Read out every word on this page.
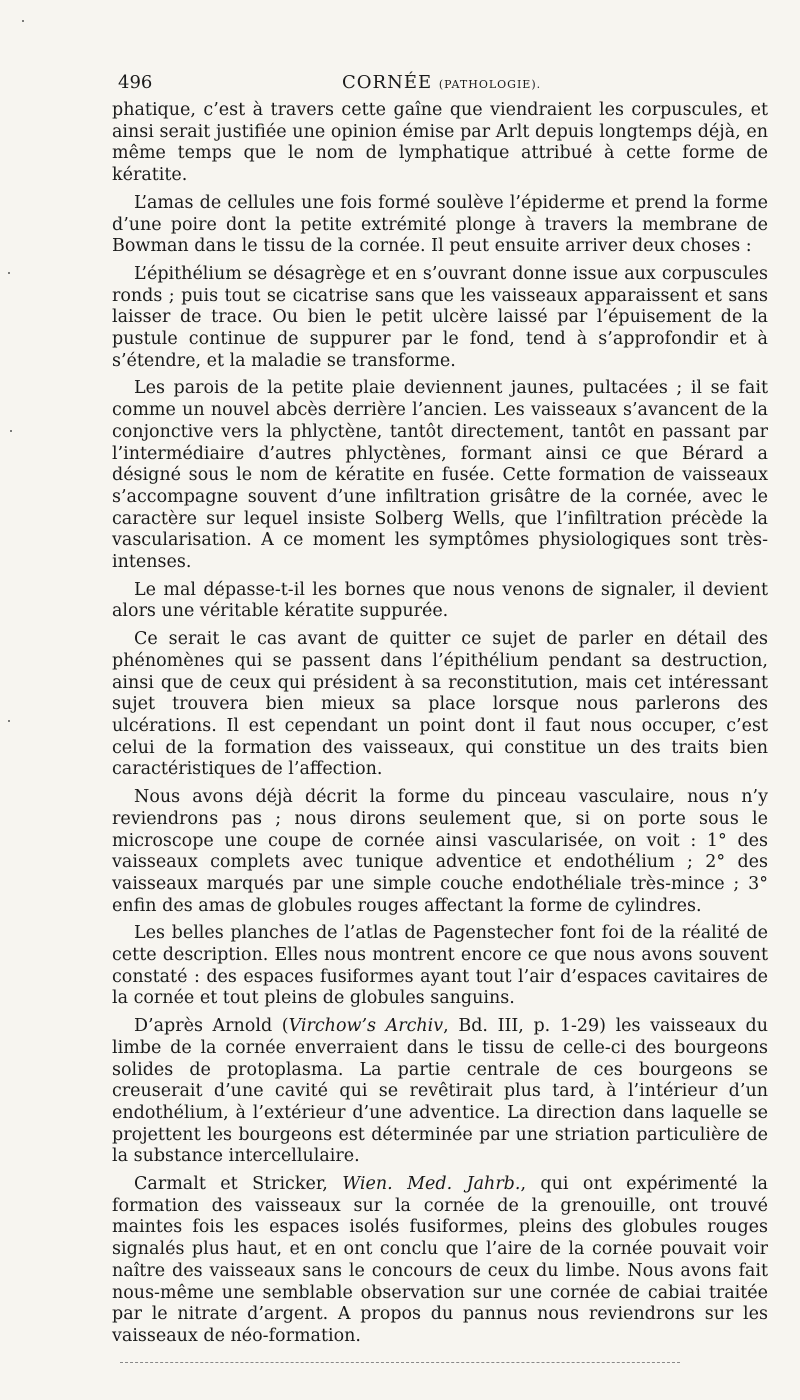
496	CORNÉE (PATHOLOGIE).

phatique, c’est à travers cette gaîne que viendraient les corpuscules, et ainsi serait justifiée une opinion émise par Arlt depuis longtemps déjà, en même temps que le nom de lymphatique attribué à cette forme de kératite.

L’amas de cellules une fois formé soulève l’épiderme et prend la forme d’une poire dont la petite extrémité plonge à travers la membrane de Bowman dans le tissu de la cornée. Il peut ensuite arriver deux choses :

L’épithélium se désagrège et en s’ouvrant donne issue aux corpuscules ronds ; puis tout se cicatrise sans que les vaisseaux apparaissent et sans laisser de trace. Ou bien le petit ulcère laissé par l’épuisement de la pustule continue de suppurer par le fond, tend à s’approfondir et à s’étendre, et la maladie se transforme.

Les parois de la petite plaie deviennent jaunes, pultacées ; il se fait comme un nouvel abcès derrière l’ancien. Les vaisseaux s’avancent de la conjonctive vers la phlyctène, tantôt directement, tantôt en passant par l’intermédiaire d’autres phlyctènes, formant ainsi ce que Bérard a désigné sous le nom de kératite en fusée. Cette formation de vaisseaux s’accompagne souvent d’une infiltration grisâtre de la cornée, avec le caractère sur lequel insiste Solberg Wells, que l’infiltration précède la vascularisation. A ce moment les symptômes physiologiques sont très-intenses.

Le mal dépasse-t-il les bornes que nous venons de signaler, il devient alors une véritable kératite suppurée.

Ce serait le cas avant de quitter ce sujet de parler en détail des phénomènes qui se passent dans l’épithélium pendant sa destruction, ainsi que de ceux qui président à sa reconstitution, mais cet intéressant sujet trouvera bien mieux sa place lorsque nous parlerons des ulcérations. Il est cependant un point dont il faut nous occuper, c’est celui de la formation des vaisseaux, qui constitue un des traits bien caractéristiques de l’affection.

Nous avons déjà décrit la forme du pinceau vasculaire, nous n’y reviendrons pas ; nous dirons seulement que, si on porte sous le microscope une coupe de cornée ainsi vascularisée, on voit : 1° des vaisseaux complets avec tunique adventice et endothélium ; 2° des vaisseaux marqués par une simple couche endothéliale très-mince ; 3° enfin des amas de globules rouges affectant la forme de cylindres.

Les belles planches de l’atlas de Pagenstecher font foi de la réalité de cette description. Elles nous montrent encore ce que nous avons souvent constaté : des espaces fusiformes ayant tout l’air d’espaces cavitaires de la cornée et tout pleins de globules sanguins.

D’après Arnold (Virchow’s Archiv, Bd. III, p. 1-29) les vaisseaux du limbe de la cornée enverraient dans le tissu de celle-ci des bourgeons solides de protoplasma. La partie centrale de ces bourgeons se creuserait d’une cavité qui se revêtirait plus tard, à l’intérieur d’un endothélium, à l’extérieur d’une adventice. La direction dans laquelle se projettent les bourgeons est déterminée par une striation particulière de la substance intercellulaire.

Carmalt et Stricker, Wien. Med. Jahrb., qui ont expérimenté la formation des vaisseaux sur la cornée de la grenouille, ont trouvé maintes fois les espaces isolés fusiformes, pleins des globules rouges signalés plus haut, et en ont conclu que l’aire de la cornée pouvait voir naître des vaisseaux sans le concours de ceux du limbe. Nous avons fait nous-même une semblable observation sur une cornée de cabiai traitée par le nitrate d’argent. A propos du pannus nous reviendrons sur les vaisseaux de néo-formation.
